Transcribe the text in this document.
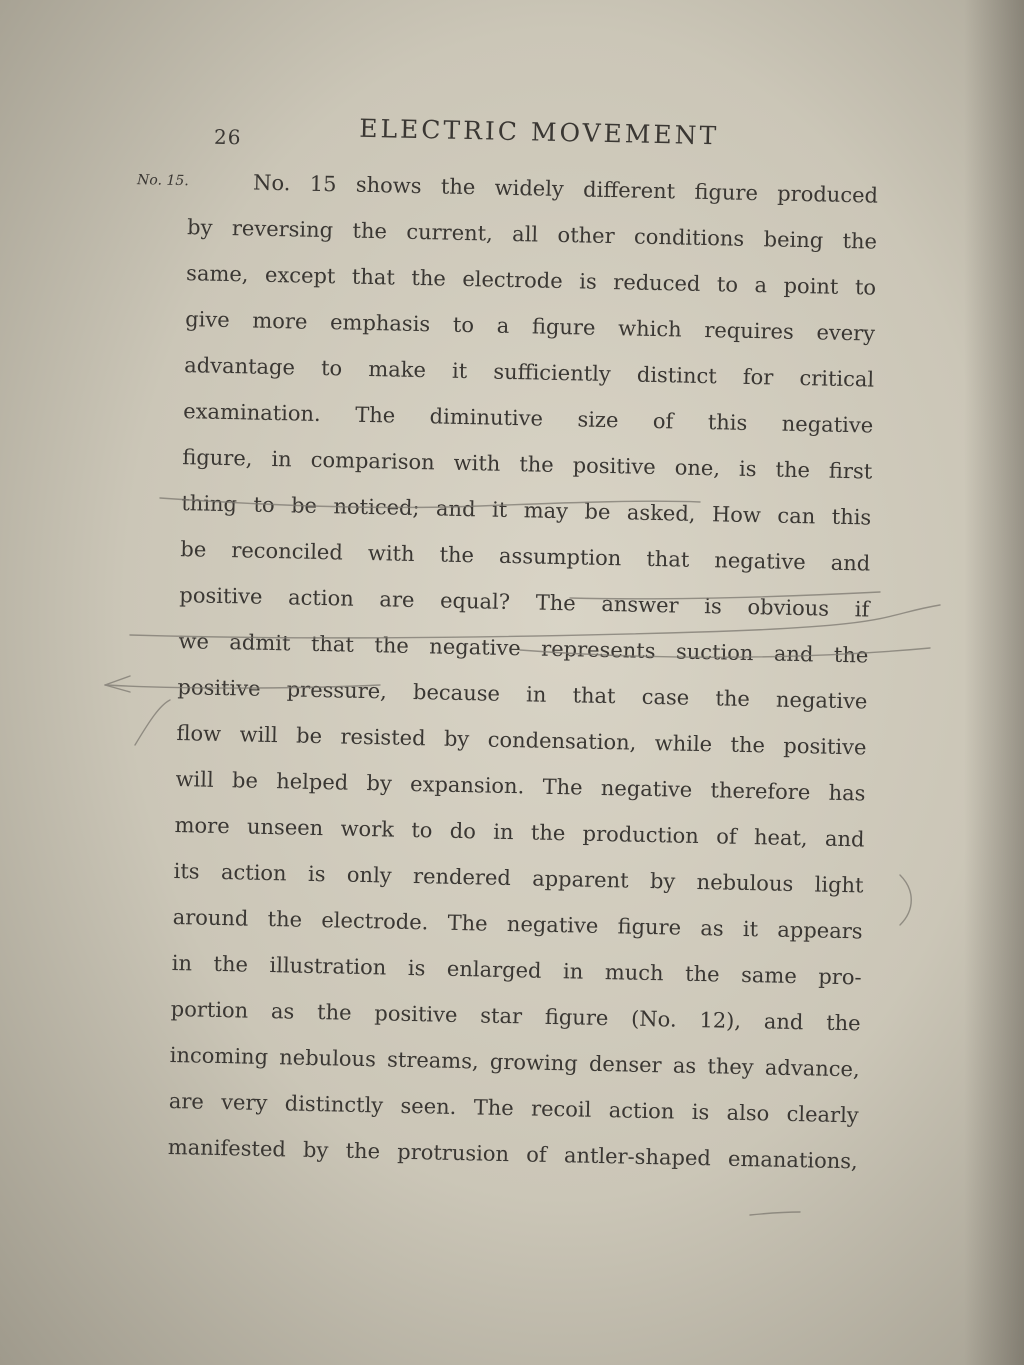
26	ELECTRIC MOVEMENT
No. 15.	No. 15 shows the widely different figure produced
by reversing the current, all other conditions being the
same, except that the electrode is reduced to a point to
give more emphasis to a figure which requires every
advantage to make it sufficiently distinct for critical
examination. The diminutive size of this negative
figure, in comparison with the positive one, is the first
thing to be noticed; and it may be asked, How can this
be reconciled with the assumption that negative and
positive action are equal? The answer is obvious if
we admit that the negative represents suction and the
positive pressure, because in that case the negative
flow will be resisted by condensation, while the positive
will be helped by expansion. The negative therefore has
more unseen work to do in the production of heat, and
its action is only rendered apparent by nebulous light
around the electrode. The negative figure as it appears
in the illustration is enlarged in much the same pro-
portion as the positive star figure (No. 12), and the
incoming nebulous streams, growing denser as they advance,
are very distinctly seen. The recoil action is also clearly
manifested by the protrusion of antler-shaped emanations,
